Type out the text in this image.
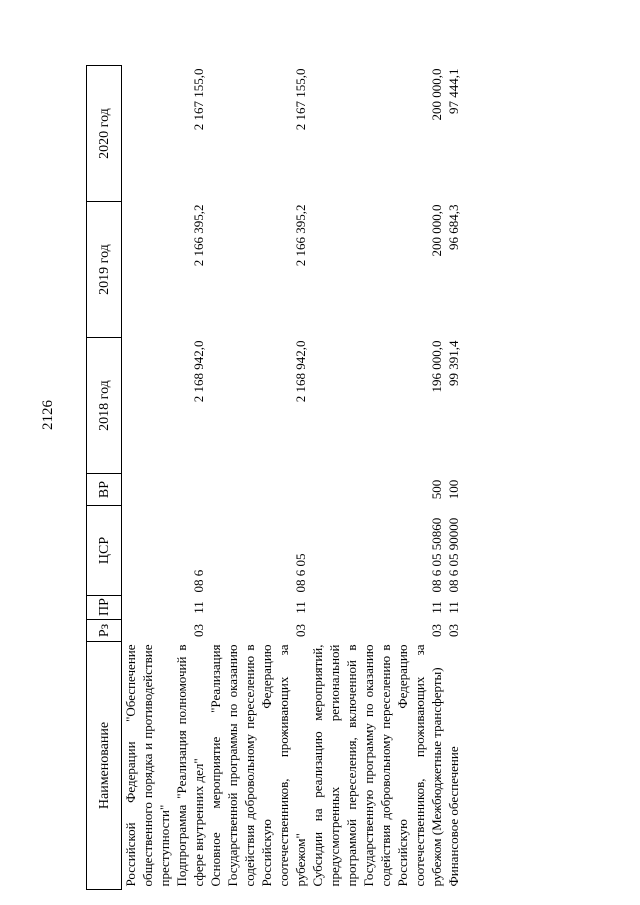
2126
Наименование	Рз	ПР	ЦСР	ВР	2018 год	2019 год	2020 год
Российской Федерации "Обеспечение общественного порядка и противодействие преступности"							
Подпрограмма "Реализация полномочий в сфере внутренних дел"	03	11	08 6		2 168 942,0	2 166 395,2	2 167 155,0
Основное мероприятие "Реализация Государственной программы по оказанию содействия добровольному переселению в Российскую Федерацию соотечественников, проживающих за рубежом"	03	11	08 6 05		2 168 942,0	2 166 395,2	2 167 155,0
Субсидии на реализацию мероприятий, предусмотренных региональной программой переселения, включенной в Государственную программу по оказанию содействия добровольному переселению в Российскую Федерацию соотечественников, проживающих за рубежом (Межбюджетные трансферты)	03	11	08 6 05 50860	500	196 000,0	200 000,0	200 000,0
Финансовое обеспечение	03	11	08 6 05 90000	100	99 391,4	96 684,3	97 444,1
